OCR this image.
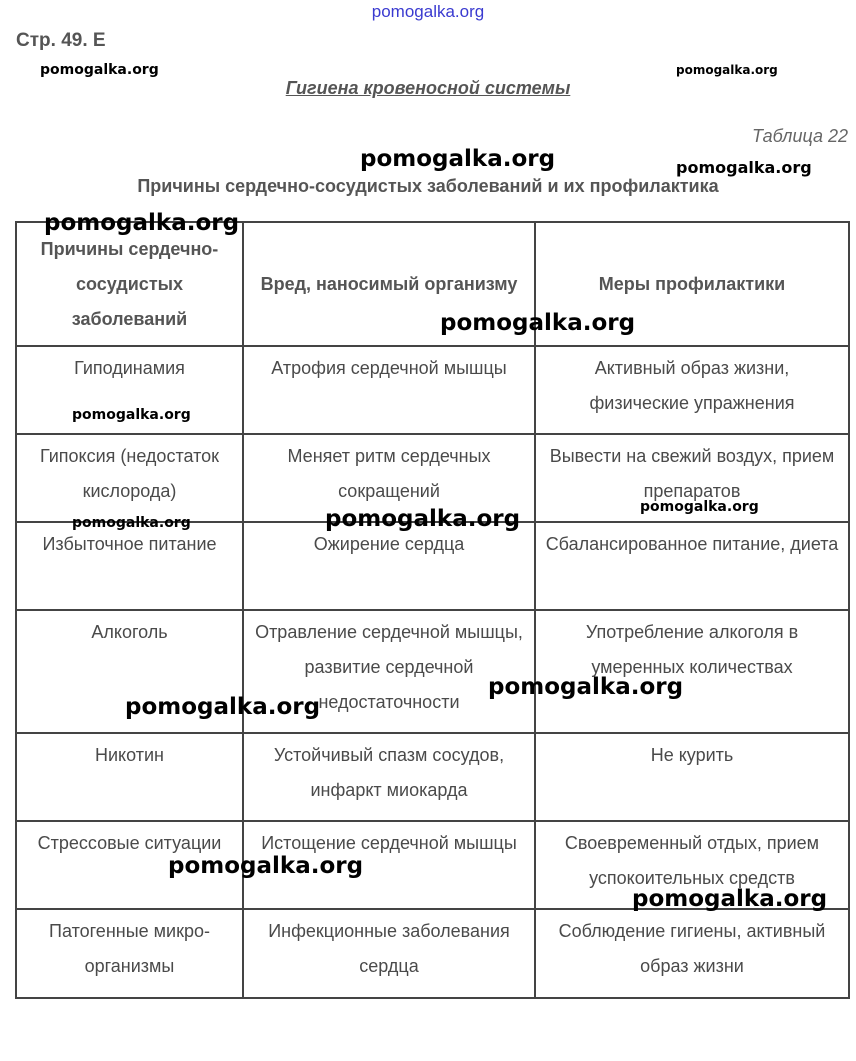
pomogalka.org
Стр. 49. Е
Гигиена кровеносной системы
Таблица 22
Причины сердечно-сосудистых заболеваний и их профилактика
Причины сердечно-сосудистых заболеваний	Вред, наносимый организму	Меры профилактики
Гиподинамия	Атрофия сердечной мышцы	Активный образ жизни, физические упражнения
Гипоксия (недостаток кислорода)	Меняет ритм сердечных сокращений	Вывести на свежий воздух, прием препаратов
Избыточное питание	Ожирение сердца	Сбалансированное питание, диета
Алкоголь	Отравление сердечной мышцы, развитие сердечной недостаточности	Употребление алкоголя в умеренных количествах
Никотин	Устойчивый спазм сосудов, инфаркт миокарда	Не курить
Стрессовые ситуации	Истощение сердечной мышцы	Своевременный отдых, прием успокоительных средств
Патогенные микро-организмы	Инфекционные заболевания сердца	Соблюдение гигиены, активный образ жизни
pomogalka.org	pomogalka.org
pomogalka.org	pomogalka.org
pomogalka.org
pomogalka.org
pomogalka.org
pomogalka.org
pomogalka.org	pomogalka.org
pomogalka.org
pomogalka.org
pomogalka.org
pomogalka.org
